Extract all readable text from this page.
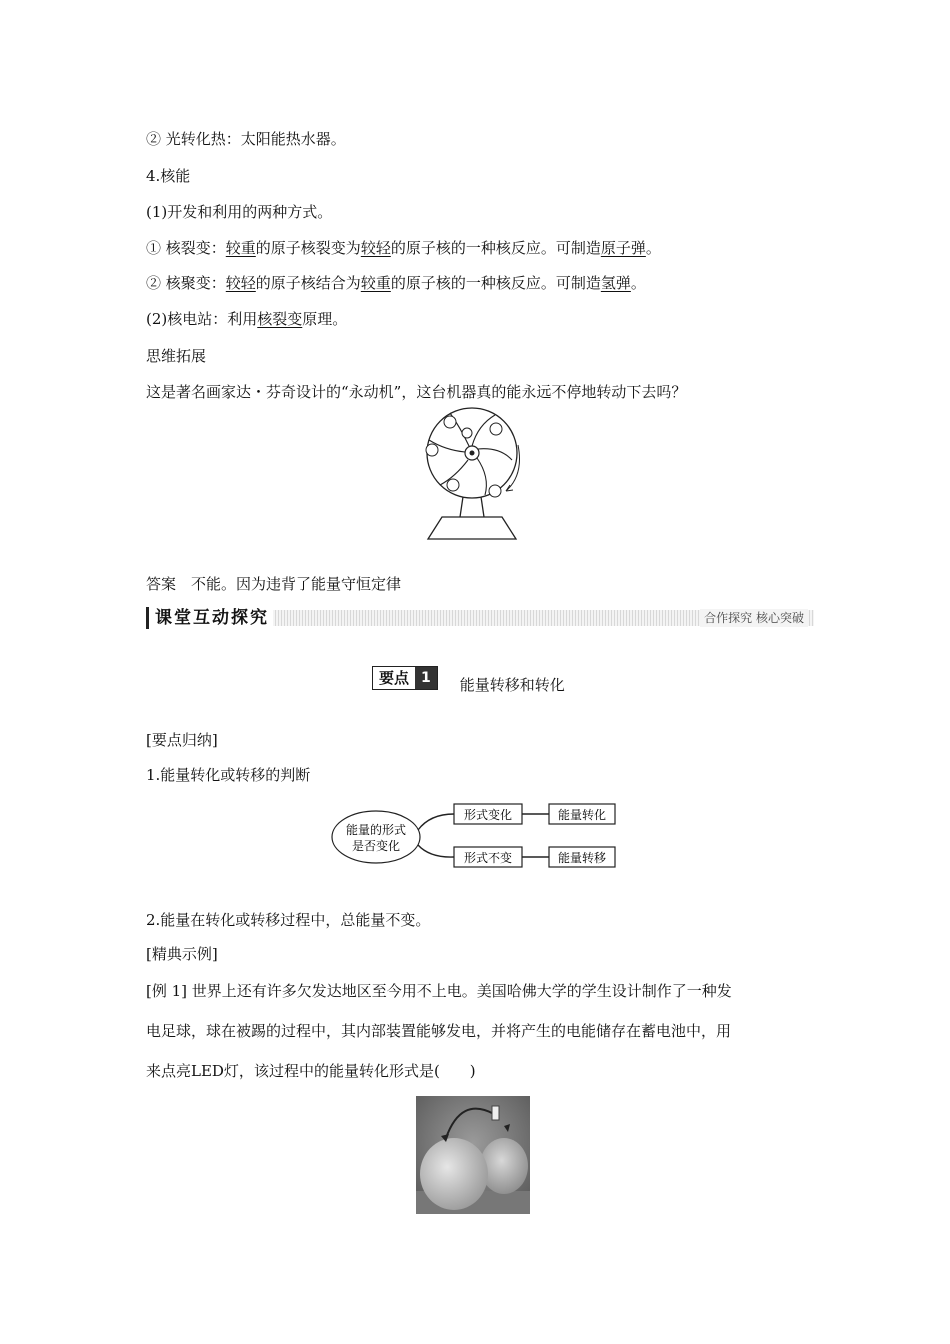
② 光转化热：太阳能热水器。
4.核能
(1)开发和利用的两种方式。
① 核裂变：较重的原子核裂变为较轻的原子核的一种核反应。可制造原子弹。
② 核聚变：较轻的原子核结合为较重的原子核的一种核反应。可制造氢弹。
(2)核电站：利用核裂变原理。
思维拓展
这是著名画家达・芬奇设计的“永动机”，这台机器真的能永远不停地转动下去吗？
答案　不能。因为违背了能量守恒定律
课堂互动探究	合作探究 核心突破
要点 1	能量转移和转化
[要点归纳]
1.能量转化或转移的判断
能量的形式
是否变化
形式变化
形式不变
能量转化
能量转移
2.能量在转化或转移过程中，总能量不变。
[精典示例]
[例 1] 世界上还有许多欠发达地区至今用不上电。美国哈佛大学的学生设计制作了一种发
电足球，球在被踢的过程中，其内部装置能够发电，并将产生的电能储存在蓄电池中，用
来点亮LED灯，该过程中的能量转化形式是(　　)
